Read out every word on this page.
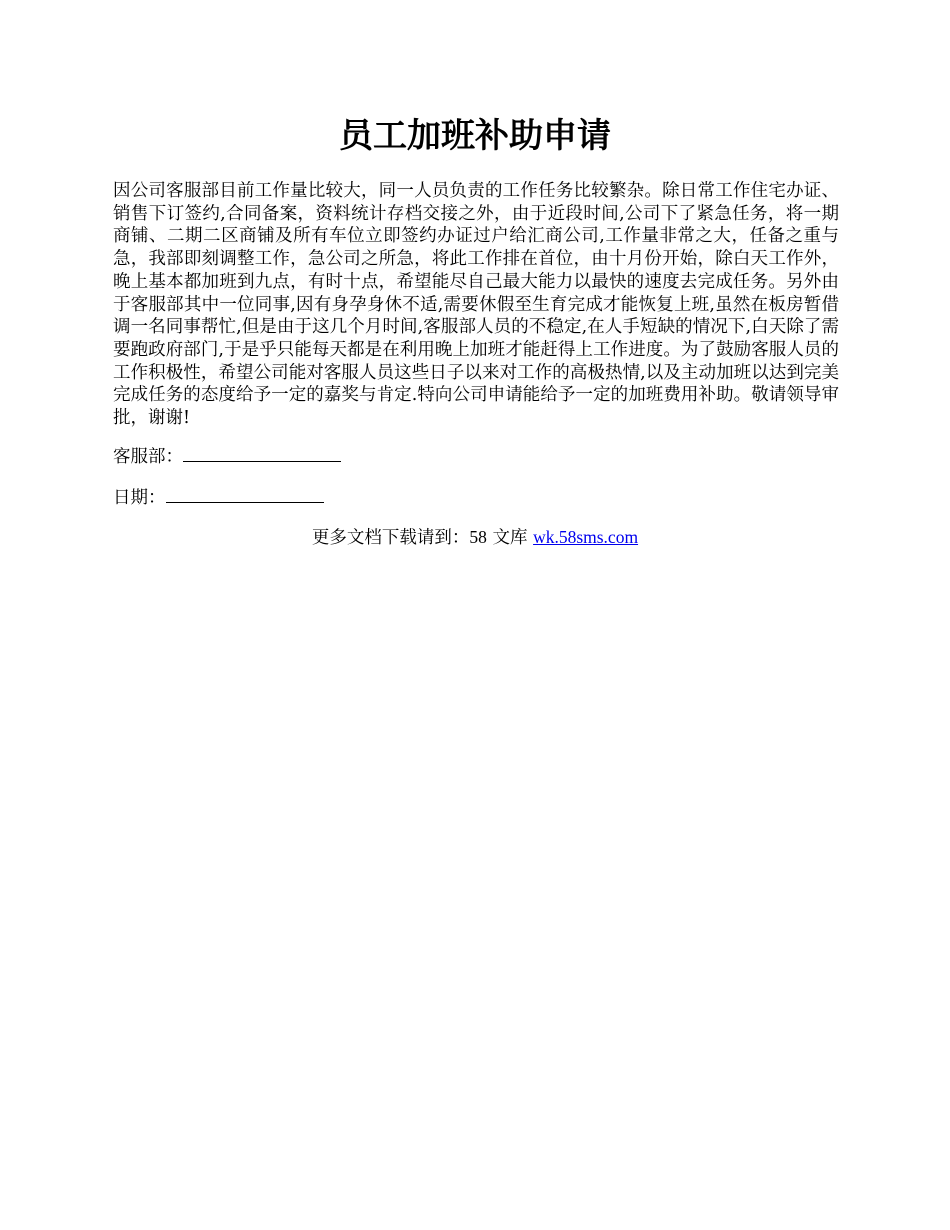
员工加班补助申请

因公司客服部目前工作量比较大，同一人员负责的工作任务比较繁杂。除日常工作住宅办证、销售下订签约,合同备案，资料统计存档交接之外，由于近段时间,公司下了紧急任务，将一期商铺、二期二区商铺及所有车位立即签约办证过户给汇商公司,工作量非常之大，任备之重与急，我部即刻调整工作，急公司之所急，将此工作排在首位，由十月份开始，除白天工作外，晚上基本都加班到九点，有时十点，希望能尽自己最大能力以最快的速度去完成任务。另外由于客服部其中一位同事,因有身孕身休不适,需要休假至生育完成才能恢复上班,虽然在板房暂借调一名同事帮忙,但是由于这几个月时间,客服部人员的不稳定,在人手短缺的情况下,白天除了需要跑政府部门,于是乎只能每天都是在利用晚上加班才能赶得上工作进度。为了鼓励客服人员的工作积极性，希望公司能对客服人员这些日子以来对工作的高极热情,以及主动加班以达到完美完成任务的态度给予一定的嘉奖与肯定.特向公司申请能给予一定的加班费用补助。敬请领导审批，谢谢!

客服部：

日期：

更多文档下载请到：58 文库 wk.58sms.com
